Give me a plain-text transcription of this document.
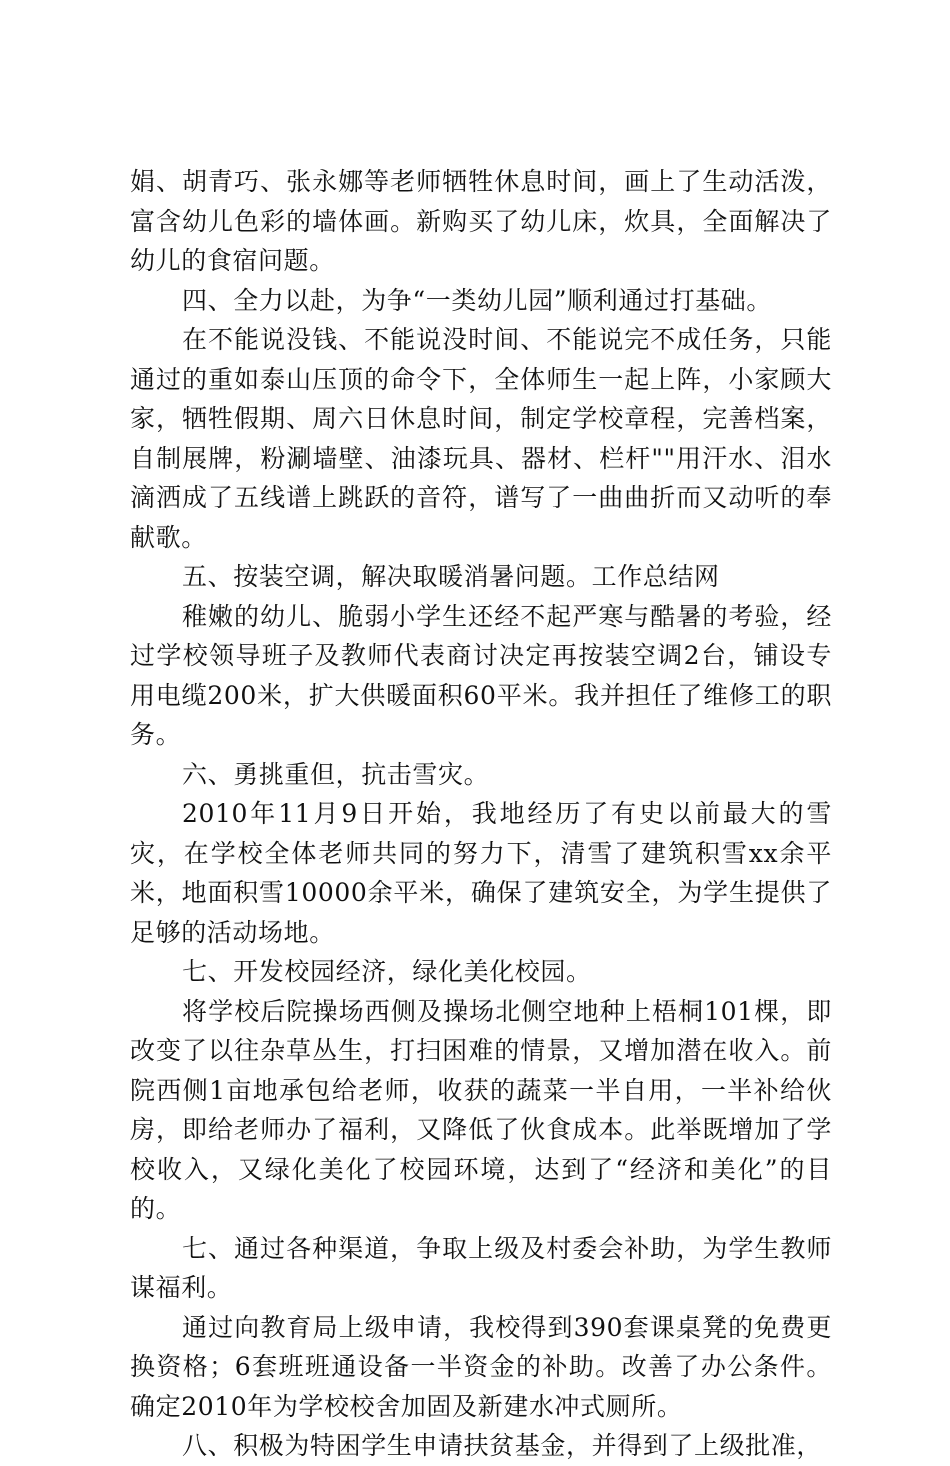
娟、胡青巧、张永娜等老师牺牲休息时间，画上了生动活泼，富含幼儿色彩的墙体画。新购买了幼儿床，炊具，全面解决了幼儿的食宿问题。

四、全力以赴，为争“一类幼儿园”顺利通过打基础。

在不能说没钱、不能说没时间、不能说完不成任务，只能通过的重如泰山压顶的命令下，全体师生一起上阵，小家顾大家，牺牲假期、周六日休息时间，制定学校章程，完善档案，自制展牌，粉涮墙壁、油漆玩具、器材、栏杆""用汗水、泪水滴洒成了五线谱上跳跃的音符，谱写了一曲曲折而又动听的奉献歌。

五、按装空调，解决取暖消暑问题。工作总结网

稚嫩的幼儿、脆弱小学生还经不起严寒与酷暑的考验，经过学校领导班子及教师代表商讨决定再按装空调2台，铺设专用电缆200米，扩大供暖面积60平米。我并担任了维修工的职务。

六、勇挑重但，抗击雪灾。

2010年11月9日开始，我地经历了有史以前最大的雪灾，在学校全体老师共同的努力下，清雪了建筑积雪xx余平米，地面积雪10000余平米，确保了建筑安全，为学生提供了足够的活动场地。

七、开发校园经济，绿化美化校园。

将学校后院操场西侧及操场北侧空地种上梧桐101棵，即改变了以往杂草丛生，打扫困难的情景，又增加潜在收入。前院西侧1亩地承包给老师，收获的蔬菜一半自用，一半补给伙房，即给老师办了福利，又降低了伙食成本。此举既增加了学校收入，又绿化美化了校园环境，达到了“经济和美化”的目的。

七、通过各种渠道，争取上级及村委会补助，为学生教师谋福利。

通过向教育局上级申请，我校得到390套课桌凳的免费更换资格；6套班班通设备一半资金的补助。改善了办公条件。确定2010年为学校校舍加固及新建水冲式厕所。

八、积极为特困学生申请扶贫基金，并得到了上级批准，
